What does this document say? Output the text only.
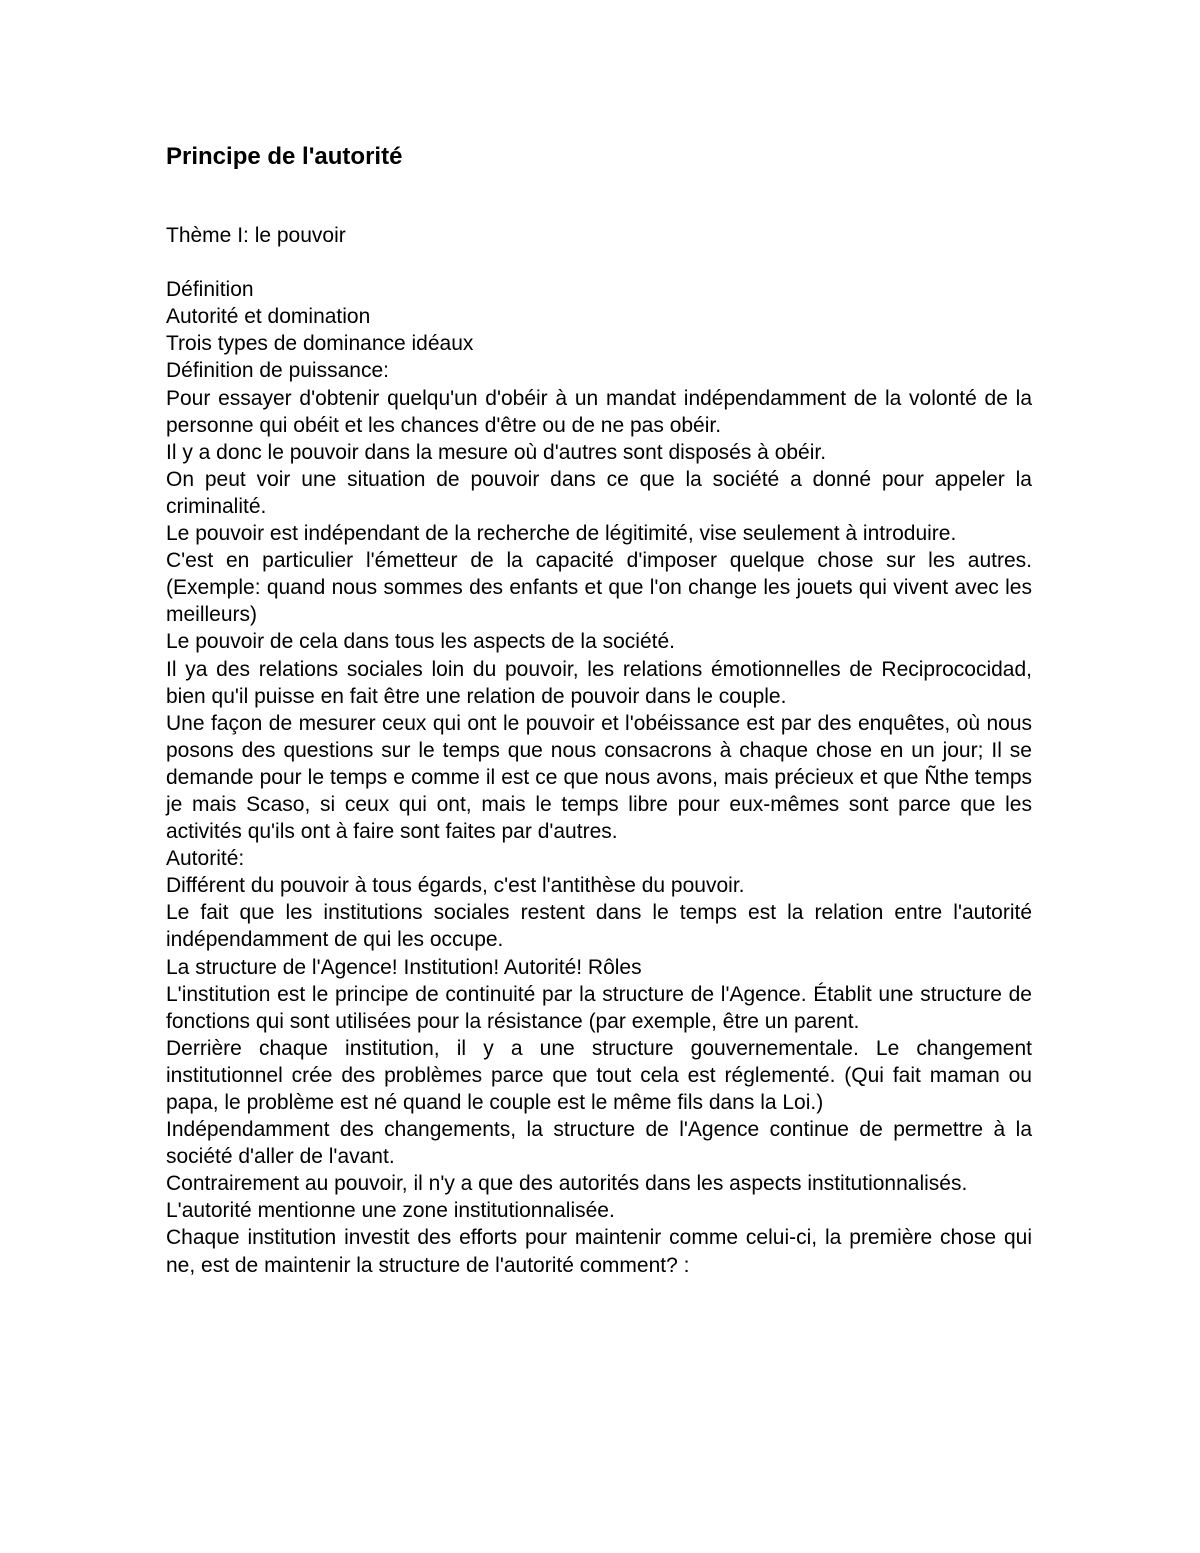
Principe de l'autorité

Thème I: le pouvoir

Définition

Autorité et domination

Trois types de dominance idéaux

Définition de puissance:

Pour essayer d'obtenir quelqu'un d'obéir à un mandat indépendamment de la volonté de la personne qui obéit et les chances d'être ou de ne pas obéir.

Il y a donc le pouvoir dans la mesure où d'autres sont disposés à obéir.

On peut voir une situation de pouvoir dans ce que la société a donné pour appeler la criminalité.

Le pouvoir est indépendant de la recherche de légitimité, vise seulement à introduire.

C'est en particulier l'émetteur de la capacité d'imposer quelque chose sur les autres. (Exemple: quand nous sommes des enfants et que l'on change les jouets qui vivent avec les meilleurs)

Le pouvoir de cela dans tous les aspects de la société.

Il ya des relations sociales loin du pouvoir, les relations émotionnelles de Reciprococidad, bien qu'il puisse en fait être une relation de pouvoir dans le couple.

Une façon de mesurer ceux qui ont le pouvoir et l'obéissance est par des enquêtes, où nous posons des questions sur le temps que nous consacrons à chaque chose en un jour; Il se demande pour le temps e comme il est ce que nous avons, mais précieux et que Ñthe temps je mais Scaso, si ceux qui ont, mais le temps libre pour eux-mêmes sont parce que les activités qu'ils ont à faire sont faites par d'autres.

Autorité:

Différent du pouvoir à tous égards, c'est l'antithèse du pouvoir.

Le fait que les institutions sociales restent dans le temps est la relation entre l'autorité indépendamment de qui les occupe.

La structure de l'Agence! Institution! Autorité! Rôles

L'institution est le principe de continuité par la structure de l'Agence. Établit une structure de fonctions qui sont utilisées pour la résistance (par exemple, être un parent.

Derrière chaque institution, il y a une structure gouvernementale. Le changement institutionnel crée des problèmes parce que tout cela est réglementé. (Qui fait maman ou papa, le problème est né quand le couple est le même fils dans la Loi.)

Indépendamment des changements, la structure de l'Agence continue de permettre à la société d'aller de l'avant.

Contrairement au pouvoir, il n'y a que des autorités dans les aspects institutionnalisés.

L'autorité mentionne une zone institutionnalisée.

Chaque institution investit des efforts pour maintenir comme celui-ci, la première chose qui ne, est de maintenir la structure de l'autorité comment? :
